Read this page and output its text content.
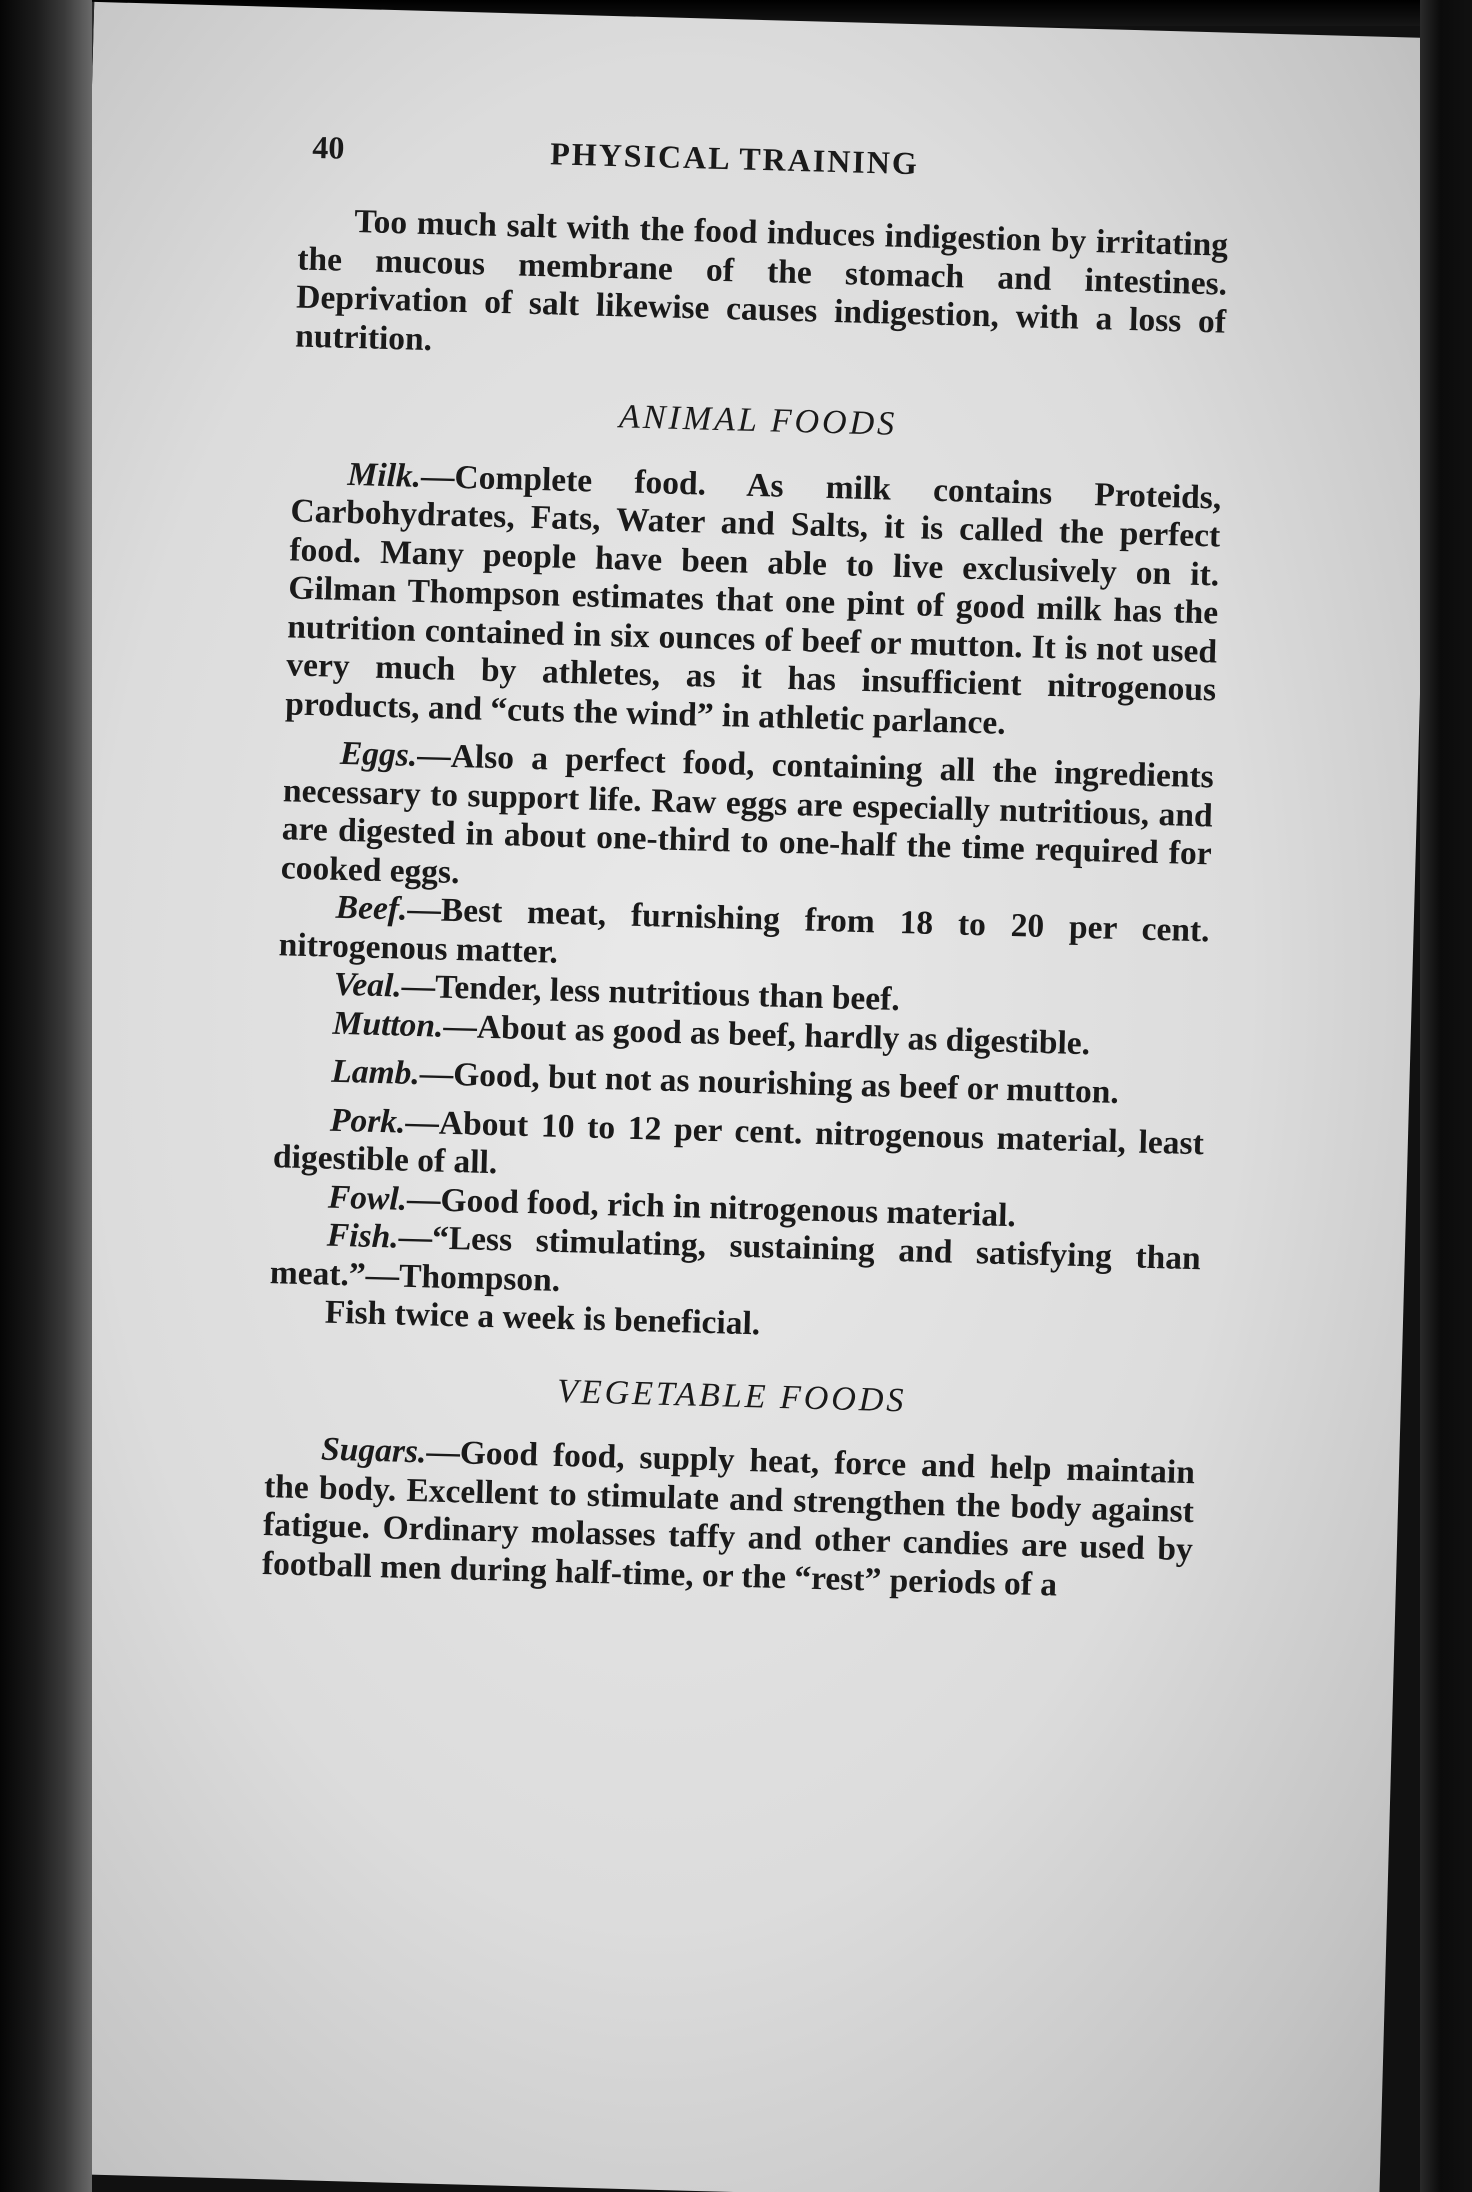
40	PHYSICAL TRAINING

Too much salt with the food induces indigestion by irritating the mucous membrane of the stomach and intestines. Deprivation of salt likewise causes indigestion, with a loss of nutrition.

ANIMAL FOODS

Milk.—Complete food. As milk contains Proteids, Carbohydrates, Fats, Water and Salts, it is called the perfect food. Many people have been able to live exclusively on it. Gilman Thompson estimates that one pint of good milk has the nutrition contained in six ounces of beef or mutton. It is not used very much by athletes, as it has insufficient nitrogenous products, and “cuts the wind” in athletic parlance.

Eggs.—Also a perfect food, containing all the ingredients necessary to support life. Raw eggs are especially nutritious, and are digested in about one-third to one-half the time required for cooked eggs.

Beef.—Best meat, furnishing from 18 to 20 per cent. nitrogenous matter.

Veal.—Tender, less nutritious than beef.

Mutton.—About as good as beef, hardly as digestible.

Lamb.—Good, but not as nourishing as beef or mutton.

Pork.—About 10 to 12 per cent. nitrogenous material, least digestible of all.

Fowl.—Good food, rich in nitrogenous material.

Fish.—“Less stimulating, sustaining and satisfying than meat.”—Thompson.

Fish twice a week is beneficial.

VEGETABLE FOODS

Sugars.—Good food, supply heat, force and help maintain the body. Excellent to stimulate and strengthen the body against fatigue. Ordinary molasses taffy and other candies are used by football men during half-time, or the “rest” periods of a
